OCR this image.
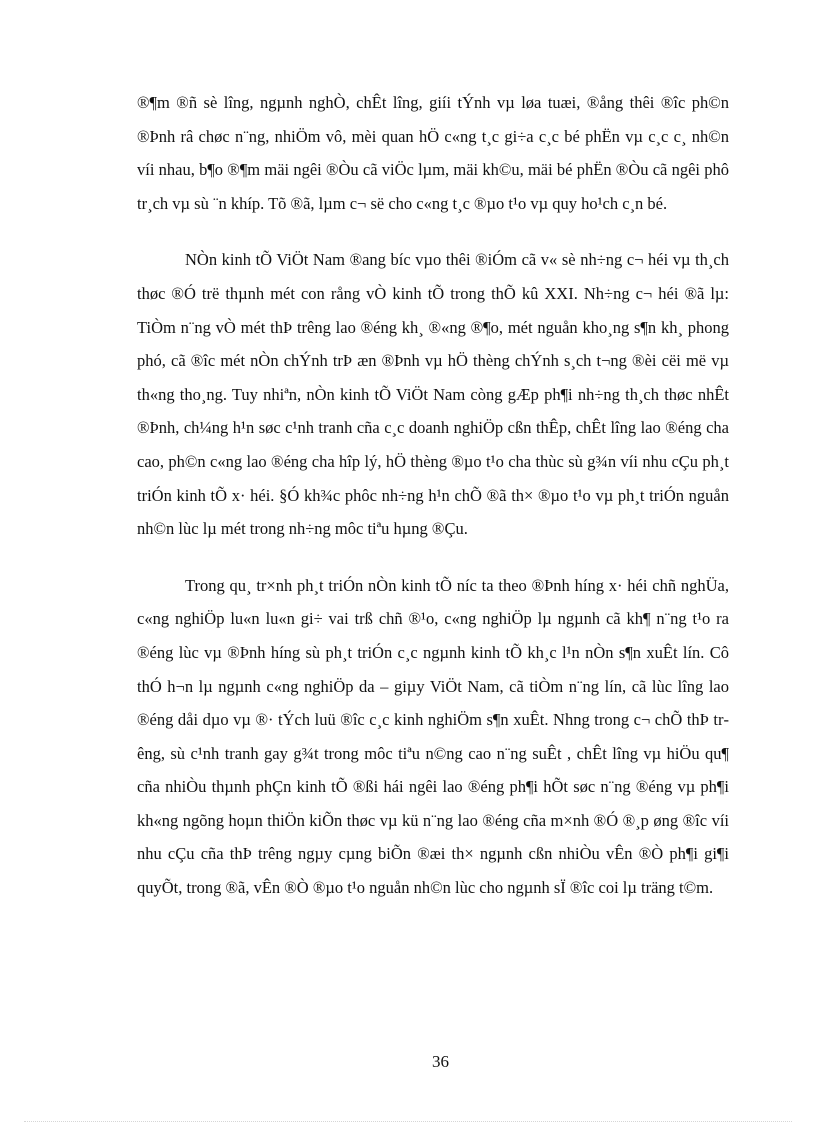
®¶m ®ñ sè lîng, ngµnh nghÒ, chÊt lîng, giíi tÝnh vµ løa tuæi, ®ång thêi ®îc ph©n ®Þnh râ chøc n¨ng, nhiÖm vô, mèi quan hÖ c«ng t¸c gi÷a c¸c bé phËn vµ c¸c c¸ nh©n víi nhau, b¶o ®¶m mäi ngêi ®Òu cã viÖc lµm, mäi kh©u, mäi bé phËn ®Òu cã ngêi phô tr¸ch vµ sù ¨n khíp. Tõ ®ã, lµm c¬ së cho c«ng t¸c ®µo t¹o vµ quy ho¹ch c¸n bé.

NÒn kinh tÕ ViÖt Nam ®ang bíc vµo thêi ®iÓm cã v« sè nh÷ng c¬ héi vµ th¸ch thøc ®Ó trë thµnh mét con rång vÒ kinh tÕ trong thÕ kû XXI. Nh÷ng c¬ héi ®ã lµ: TiÒm n¨ng vÒ mét thÞ trêng lao ®éng kh¸ ®«ng ®¶o, mét nguån kho¸ng s¶n kh¸ phong phó, cã ®îc mét nÒn chÝnh trÞ æn ®Þnh vµ hÖ thèng chÝnh s¸ch t¬ng ®èi cëi më vµ th«ng tho¸ng. Tuy nhiªn, nÒn kinh tÕ ViÖt Nam còng gÆp ph¶i nh÷ng th¸ch thøc nhÊt ®Þnh, ch¼ng h¹n søc c¹nh tranh cña c¸c doanh nghiÖp cßn thÊp, chÊt lîng lao ®éng cha cao, ph©n c«ng lao ®éng cha hîp lý, hÖ thèng ®µo t¹o cha thùc sù g¾n víi nhu cÇu ph¸t triÓn kinh tÕ x· héi. §Ó kh¾c phôc nh÷ng h¹n chÕ ®ã th× ®µo t¹o vµ ph¸t triÓn nguån nh©n lùc lµ mét trong nh÷ng môc tiªu hµng ®Çu.

Trong qu¸ tr×nh ph¸t triÓn nÒn kinh tÕ níc ta theo ®Þnh híng x· héi chñ nghÜa, c«ng nghiÖp lu«n lu«n gi÷ vai trß chñ ®¹o, c«ng nghiÖp lµ ngµnh cã kh¶ n¨ng t¹o ra ®éng lùc vµ ®Þnh híng sù ph¸t triÓn c¸c ngµnh kinh tÕ kh¸c l¹n nÒn s¶n xuÊt lín. Cô thÓ h¬n lµ ngµnh c«ng nghiÖp da – giµy ViÖt Nam, cã tiÒm n¨ng lín, cã lùc lîng lao ®éng dåi dµo vµ ®· tÝch luü ®îc c¸c kinh nghiÖm s¶n xuÊt. Nhng trong c¬ chÕ thÞ trêng, sù c¹nh tranh gay g¾t trong môc tiªu n©ng cao n¨ng suÊt , chÊt lîng vµ hiÖu qu¶ cña nhiÒu thµnh phÇn kinh tÕ ®ßi hái ngêi lao ®éng ph¶i hÕt søc n¨ng ®éng vµ ph¶i kh«ng ngõng hoµn thiÖn kiÕn thøc vµ kü n¨ng lao ®éng cña m×nh ®Ó ®¸p øng ®îc víi nhu cÇu cña thÞ trêng ngµy cµng biÕn ®æi th× ngµnh cßn nhiÒu vÊn ®Ò ph¶i gi¶i quyÕt, trong ®ã, vÊn ®Ò ®µo t¹o nguån nh©n lùc cho ngµnh sÏ ®îc coi lµ träng t©m.

36
